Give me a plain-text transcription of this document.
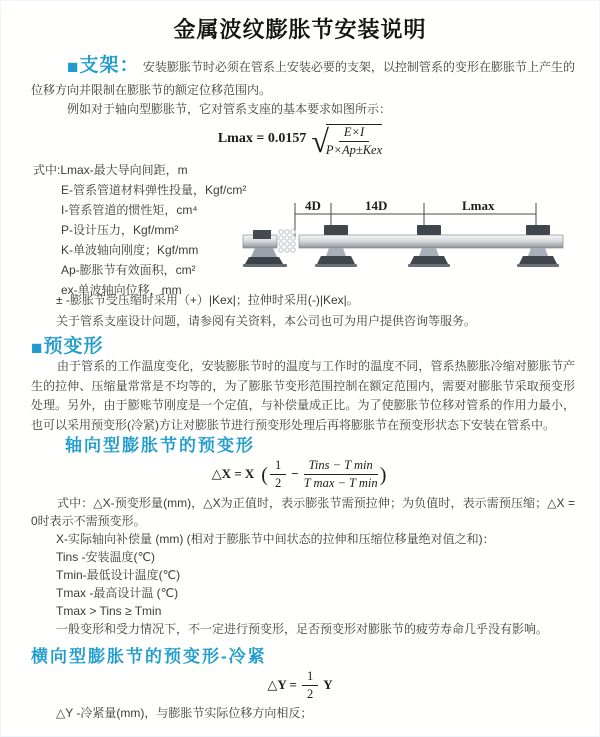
金属波纹膨胀节安装说明
■支架： 安装膨胀节时必须在管系上安装必要的支架，以控制管系的变形在膨胀节上产生的位移方向并限制在膨胀节的额定位移范围内。
例如对于轴向型膨胀节，它对管系支座的基本要求如图所示：
Lmax = 0.0157 √
$\frac{E\times I}{\text{P×Ap±Kex}}$
式中:Lmax-最大导向间距，m
E-管系管道材料弹性投量，Kgf/cm²
I-管系管道的惯性矩，cm⁴
P-设计压力，Kgf/mm²
K-单波轴向刚度；Kgf/mm
Ap-膨胀节有效面积，cm²
ex-单波轴向位移，mm
4D	14D	Lmax
± -膨胀节受压缩时采用（+）|Kex|；拉伸时采用(-)|Kex|。
关于管系支座设计问题，请参阅有关资料，本公司也可为用户提供咨询等服务。
■预变形
由于管系的工作温度变化，安装膨胀节时的温度与工作时的温度不同，管系热膨胀冷缩对膨胀节产生的拉伸、压缩量常常是不均等的，为了膨胀节变形范围控制在额定范围内，需要对膨胀节采取预变形处理。另外，由于膨账节刚度是一个定值，与补偿量成正比。为了使膨胀节位移对管系的作用力最小，也可以采用预变形(冷紧)方让对膨胀节进行预变形处理后再将膨胀节在预变形状态下安装在管系中。
轴向型膨胀节的预变形
△X = X ( $\frac{1}{2} - \frac{\text{Tins − T min}}{\text{T max − T min}}$ )
式中：△X-预变形量(mm)，△X为正值时，表示膨张节需预拉伸；为负值时，表示需预压缩；△X = 0时表示不需预变形。
X-实际轴向补偿量 (mm) (相对于膨胀节中间状态的拉伸和压缩位移量绝对值之和)：
Tins -安装温度(℃)
Tmin-最低设计温度(℃)
Tmax -最高设计温 (℃)
Tmax > Tins ≥ Tmin
一般变形和受力情况下，不一定进行预变形，足否预变形对膨胀节的疲劳寿命几乎没有影响。
横向型膨胀节的预变形-冷紧
△Y = $\frac{1}{2}$ Y
△Y -冷紧量(mm)，与膨胀节实际位移方向相反；
